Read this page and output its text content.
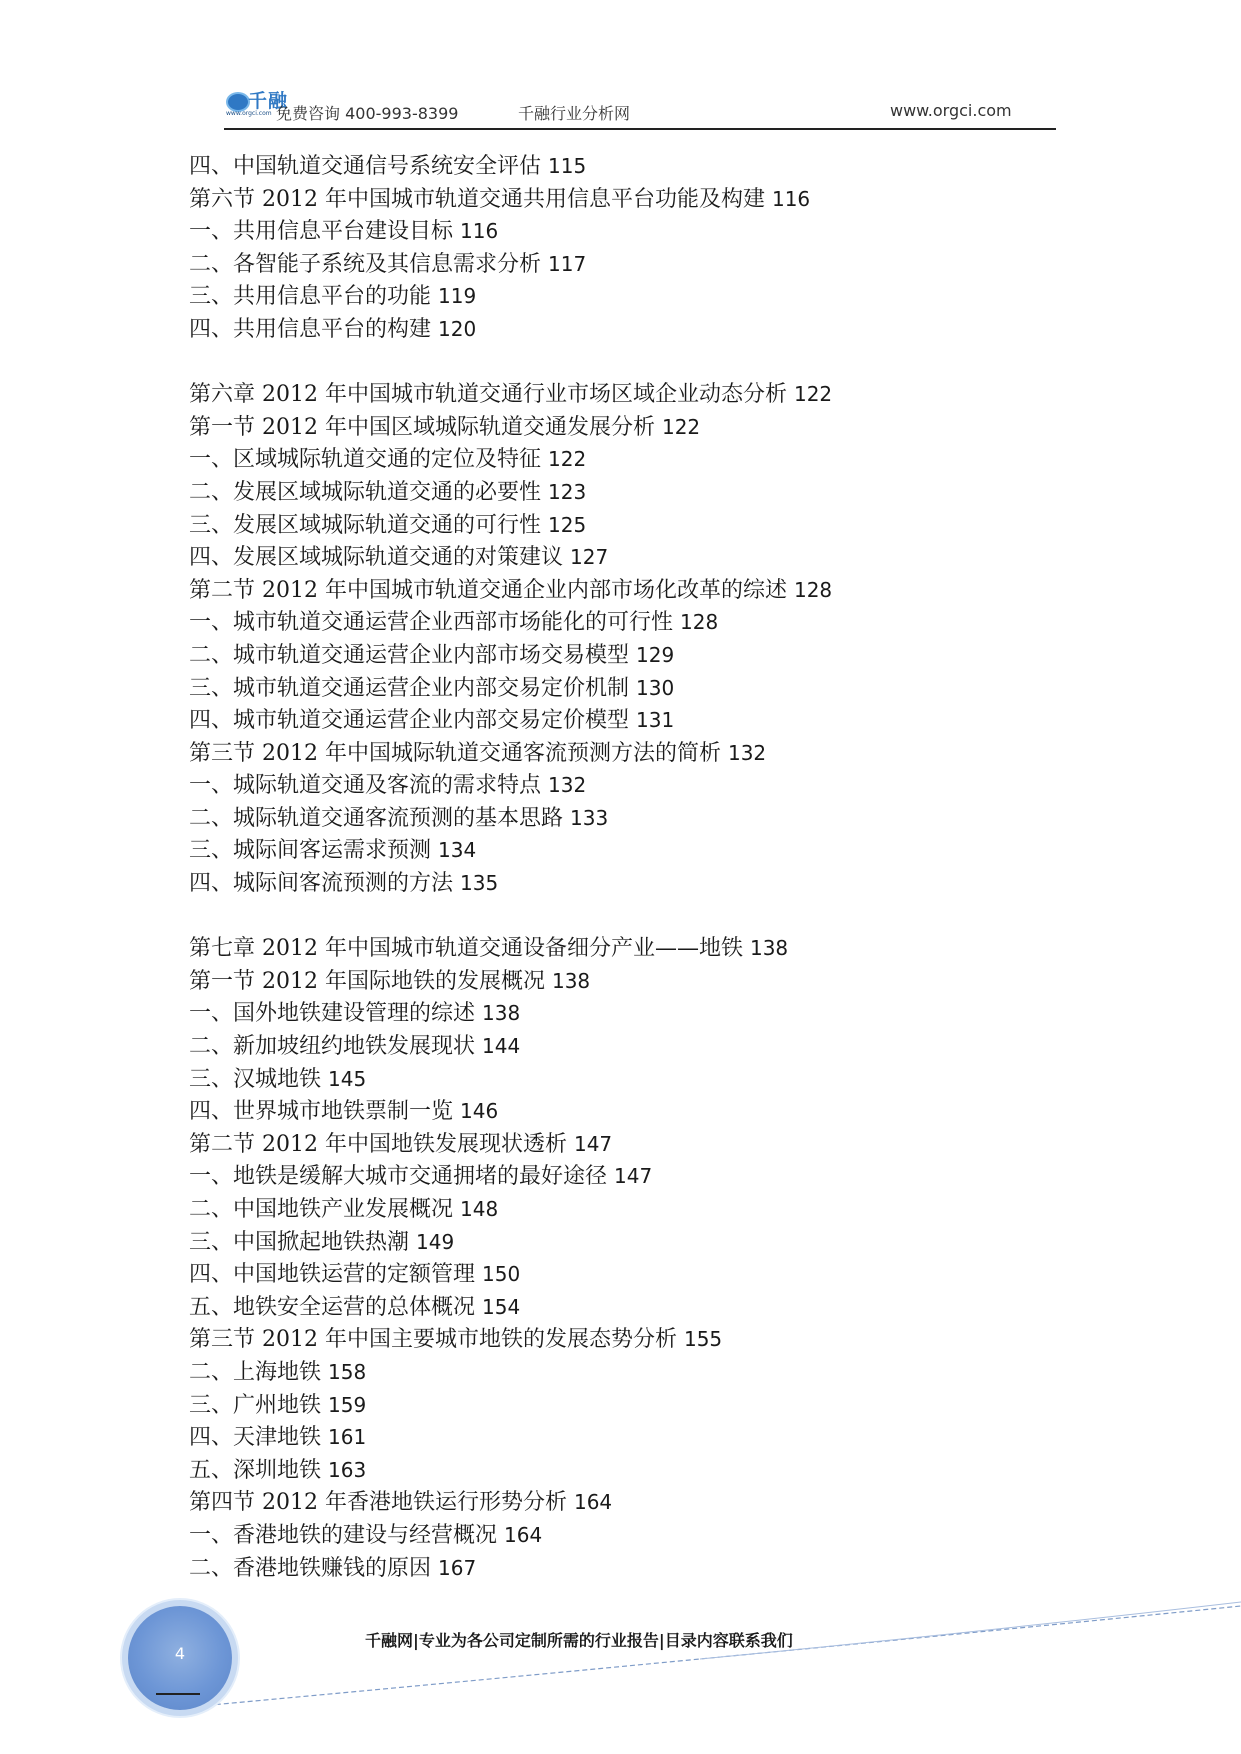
千融
www.orgci.com 免费咨询 400-993-8399	千融行业分析网	www.orgci.com
四、中国轨道交通信号系统安全评估 115
第六节 2012 年中国城市轨道交通共用信息平台功能及构建 116
一、共用信息平台建设目标 116
二、各智能子系统及其信息需求分析 117
三、共用信息平台的功能 119
四、共用信息平台的构建 120
第六章 2012 年中国城市轨道交通行业市场区域企业动态分析 122
第一节 2012 年中国区域城际轨道交通发展分析 122
一、区域城际轨道交通的定位及特征 122
二、发展区域城际轨道交通的必要性 123
三、发展区域城际轨道交通的可行性 125
四、发展区域城际轨道交通的对策建议 127
第二节 2012 年中国城市轨道交通企业内部市场化改革的综述 128
一、城市轨道交通运营企业西部市场能化的可行性 128
二、城市轨道交通运营企业内部市场交易模型 129
三、城市轨道交通运营企业内部交易定价机制 130
四、城市轨道交通运营企业内部交易定价模型 131
第三节 2012 年中国城际轨道交通客流预测方法的简析 132
一、城际轨道交通及客流的需求特点 132
二、城际轨道交通客流预测的基本思路 133
三、城际间客运需求预测 134
四、城际间客流预测的方法 135
第七章 2012 年中国城市轨道交通设备细分产业——地铁 138
第一节 2012 年国际地铁的发展概况 138
一、国外地铁建设管理的综述 138
二、新加坡纽约地铁发展现状 144
三、汉城地铁 145
四、世界城市地铁票制一览 146
第二节 2012 年中国地铁发展现状透析 147
一、地铁是缓解大城市交通拥堵的最好途径 147
二、中国地铁产业发展概况 148
三、中国掀起地铁热潮 149
四、中国地铁运营的定额管理 150
五、地铁安全运营的总体概况 154
第三节 2012 年中国主要城市地铁的发展态势分析 155
二、上海地铁 158
三、广州地铁 159
四、天津地铁 161
五、深圳地铁 163
第四节 2012 年香港地铁运行形势分析 164
一、香港地铁的建设与经营概况 164
二、香港地铁赚钱的原因 167
4
千融网|专业为各公司定制所需的行业报告|目录内容联系我们
